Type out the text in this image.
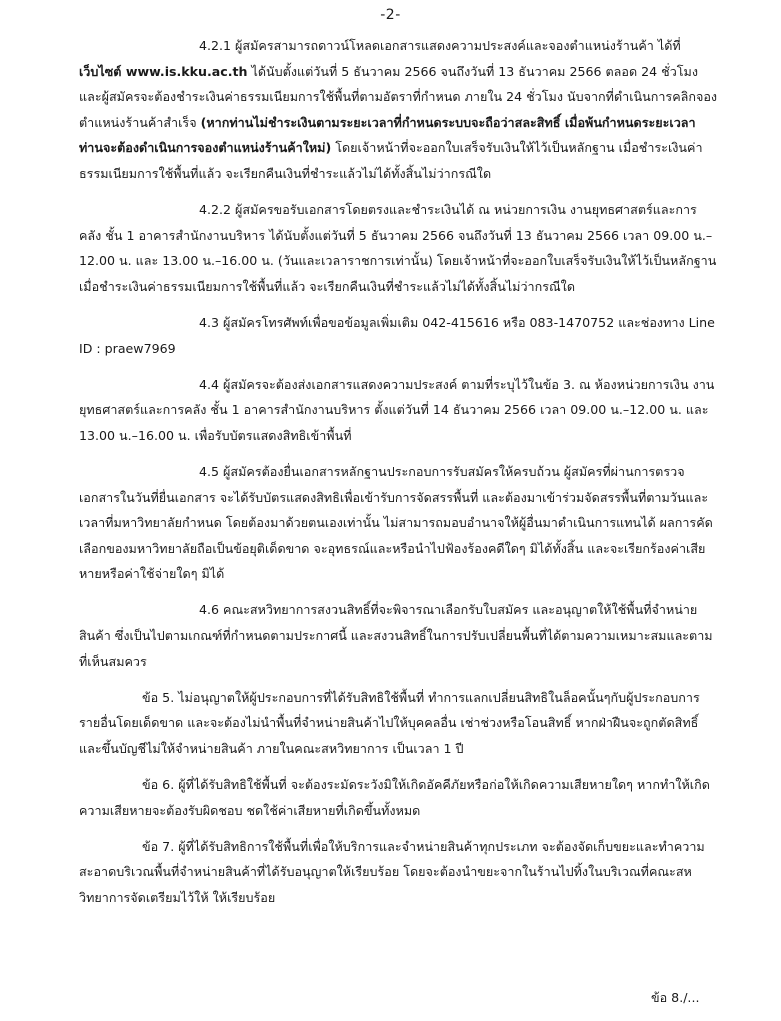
-2-

4.2.1 ผู้สมัครสามารถดาวน์โหลดเอกสารแสดงความประสงค์และจองตำแหน่งร้านค้า ได้ที่ เว็บไซต์ www.is.kku.ac.th ได้นับตั้งแต่วันที่ 5 ธันวาคม 2566 จนถึงวันที่ 13 ธันวาคม 2566 ตลอด 24 ชั่วโมง และผู้สมัครจะต้องชำระเงินค่าธรรมเนียมการใช้พื้นที่ตามอัตราที่กำหนด ภายใน 24 ชั่วโมง นับจากที่ดำเนินการคลิกจองตำแหน่งร้านค้าสำเร็จ (หากท่านไม่ชำระเงินตามระยะเวลาที่กำหนดระบบจะถือว่าสละสิทธิ์ เมื่อพ้นกำหนดระยะเวลาท่านจะต้องดำเนินการจองตำแหน่งร้านค้าใหม่) โดยเจ้าหน้าที่จะออกใบเสร็จรับเงินให้ไว้เป็นหลักฐาน เมื่อชำระเงินค่าธรรมเนียมการใช้พื้นที่แล้ว จะเรียกคืนเงินที่ชำระแล้วไม่ได้ทั้งสิ้นไม่ว่ากรณีใด

4.2.2 ผู้สมัครขอรับเอกสารโดยตรงและชำระเงินได้ ณ หน่วยการเงิน งานยุทธศาสตร์และการคลัง ชั้น 1 อาคารสำนักงานบริหาร ได้นับตั้งแต่วันที่ 5 ธันวาคม 2566 จนถึงวันที่ 13 ธันวาคม 2566 เวลา 09.00 น.–12.00 น. และ 13.00 น.–16.00 น. (วันและเวลาราชการเท่านั้น) โดยเจ้าหน้าที่จะออกใบเสร็จรับเงินให้ไว้เป็นหลักฐาน เมื่อชำระเงินค่าธรรมเนียมการใช้พื้นที่แล้ว จะเรียกคืนเงินที่ชำระแล้วไม่ได้ทั้งสิ้นไม่ว่ากรณีใด

4.3 ผู้สมัครโทรศัพท์เพื่อขอข้อมูลเพิ่มเติม 042-415616 หรือ 083-1470752 และช่องทาง Line ID : praew7969

4.4 ผู้สมัครจะต้องส่งเอกสารแสดงความประสงค์ ตามที่ระบุไว้ในข้อ 3. ณ ห้องหน่วยการเงิน งานยุทธศาสตร์และการคลัง ชั้น 1 อาคารสำนักงานบริหาร ตั้งแต่วันที่ 14 ธันวาคม 2566 เวลา 09.00 น.–12.00 น. และ 13.00 น.–16.00 น. เพื่อรับบัตรแสดงสิทธิเข้าพื้นที่

4.5 ผู้สมัครต้องยื่นเอกสารหลักฐานประกอบการรับสมัครให้ครบถ้วน ผู้สมัครที่ผ่านการตรวจเอกสารในวันที่ยื่นเอกสาร จะได้รับบัตรแสดงสิทธิเพื่อเข้ารับการจัดสรรพื้นที่ และต้องมาเข้าร่วมจัดสรรพื้นที่ตามวันและเวลาที่มหาวิทยาลัยกำหนด โดยต้องมาด้วยตนเองเท่านั้น ไม่สามารถมอบอำนาจให้ผู้อื่นมาดำเนินการแทนได้ ผลการคัดเลือกของมหาวิทยาลัยถือเป็นข้อยุติเด็ดขาด จะอุทธรณ์และหรือนำไปฟ้องร้องคดีใดๆ มิได้ทั้งสิ้น และจะเรียกร้องค่าเสียหายหรือค่าใช้จ่ายใดๆ มิได้

4.6 คณะสหวิทยาการสงวนสิทธิ์ที่จะพิจารณาเลือกรับใบสมัคร และอนุญาตให้ใช้พื้นที่จำหน่ายสินค้า ซึ่งเป็นไปตามเกณฑ์ที่กำหนดตามประกาศนี้ และสงวนสิทธิ์ในการปรับเปลี่ยนพื้นที่ได้ตามความเหมาะสมและตามที่เห็นสมควร

ข้อ 5. ไม่อนุญาตให้ผู้ประกอบการที่ได้รับสิทธิใช้พื้นที่ ทำการแลกเปลี่ยนสิทธิในล็อคนั้นๆกับผู้ประกอบการรายอื่นโดยเด็ดขาด และจะต้องไม่นำพื้นที่จำหน่ายสินค้าไปให้บุคคลอื่น เช่าช่วงหรือโอนสิทธิ์ หากฝ่าฝืนจะถูกตัดสิทธิ์และขึ้นบัญชีไม่ให้จำหน่ายสินค้า ภายในคณะสหวิทยาการ เป็นเวลา 1 ปี

ข้อ 6. ผู้ที่ได้รับสิทธิใช้พื้นที่ จะต้องระมัดระวังมิให้เกิดอัคคีภัยหรือก่อให้เกิดความเสียหายใดๆ หากทำให้เกิดความเสียหายจะต้องรับผิดชอบ ชดใช้ค่าเสียหายที่เกิดขึ้นทั้งหมด

ข้อ 7. ผู้ที่ได้รับสิทธิการใช้พื้นที่เพื่อให้บริการและจำหน่ายสินค้าทุกประเภท จะต้องจัดเก็บขยะและทำความสะอาดบริเวณพื้นที่จำหน่ายสินค้าที่ได้รับอนุญาตให้เรียบร้อย โดยจะต้องนำขยะจากในร้านไปทิ้งในบริเวณที่คณะสหวิทยาการจัดเตรียมไว้ให้ ให้เรียบร้อย

ข้อ 8./...
